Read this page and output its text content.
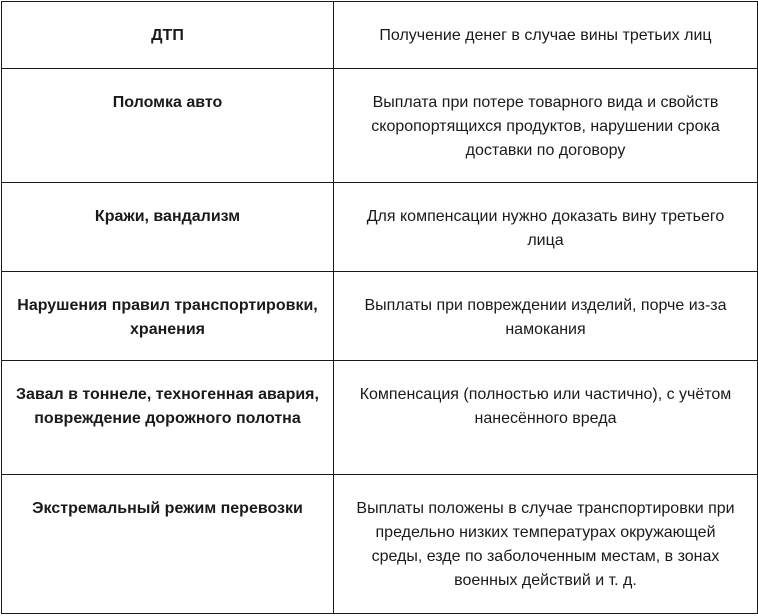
ДТП	Получение денег в случае вины третьих лиц
Поломка авто	Выплата при потере товарного вида и свойств скоропортящихся продуктов, нарушении срока доставки по договору
Кражи, вандализм	Для компенсации нужно доказать вину третьего лица
Нарушения правил транспортировки, хранения	Выплаты при повреждении изделий, порче из-за намокания
Завал в тоннеле, техногенная авария, повреждение дорожного полотна	Компенсация (полностью или частично), с учётом нанесённого вреда
Экстремальный режим перевозки	Выплаты положены в случае транспортировки при предельно низких температурах окружающей среды, езде по заболоченным местам, в зонах военных действий и т. д.
